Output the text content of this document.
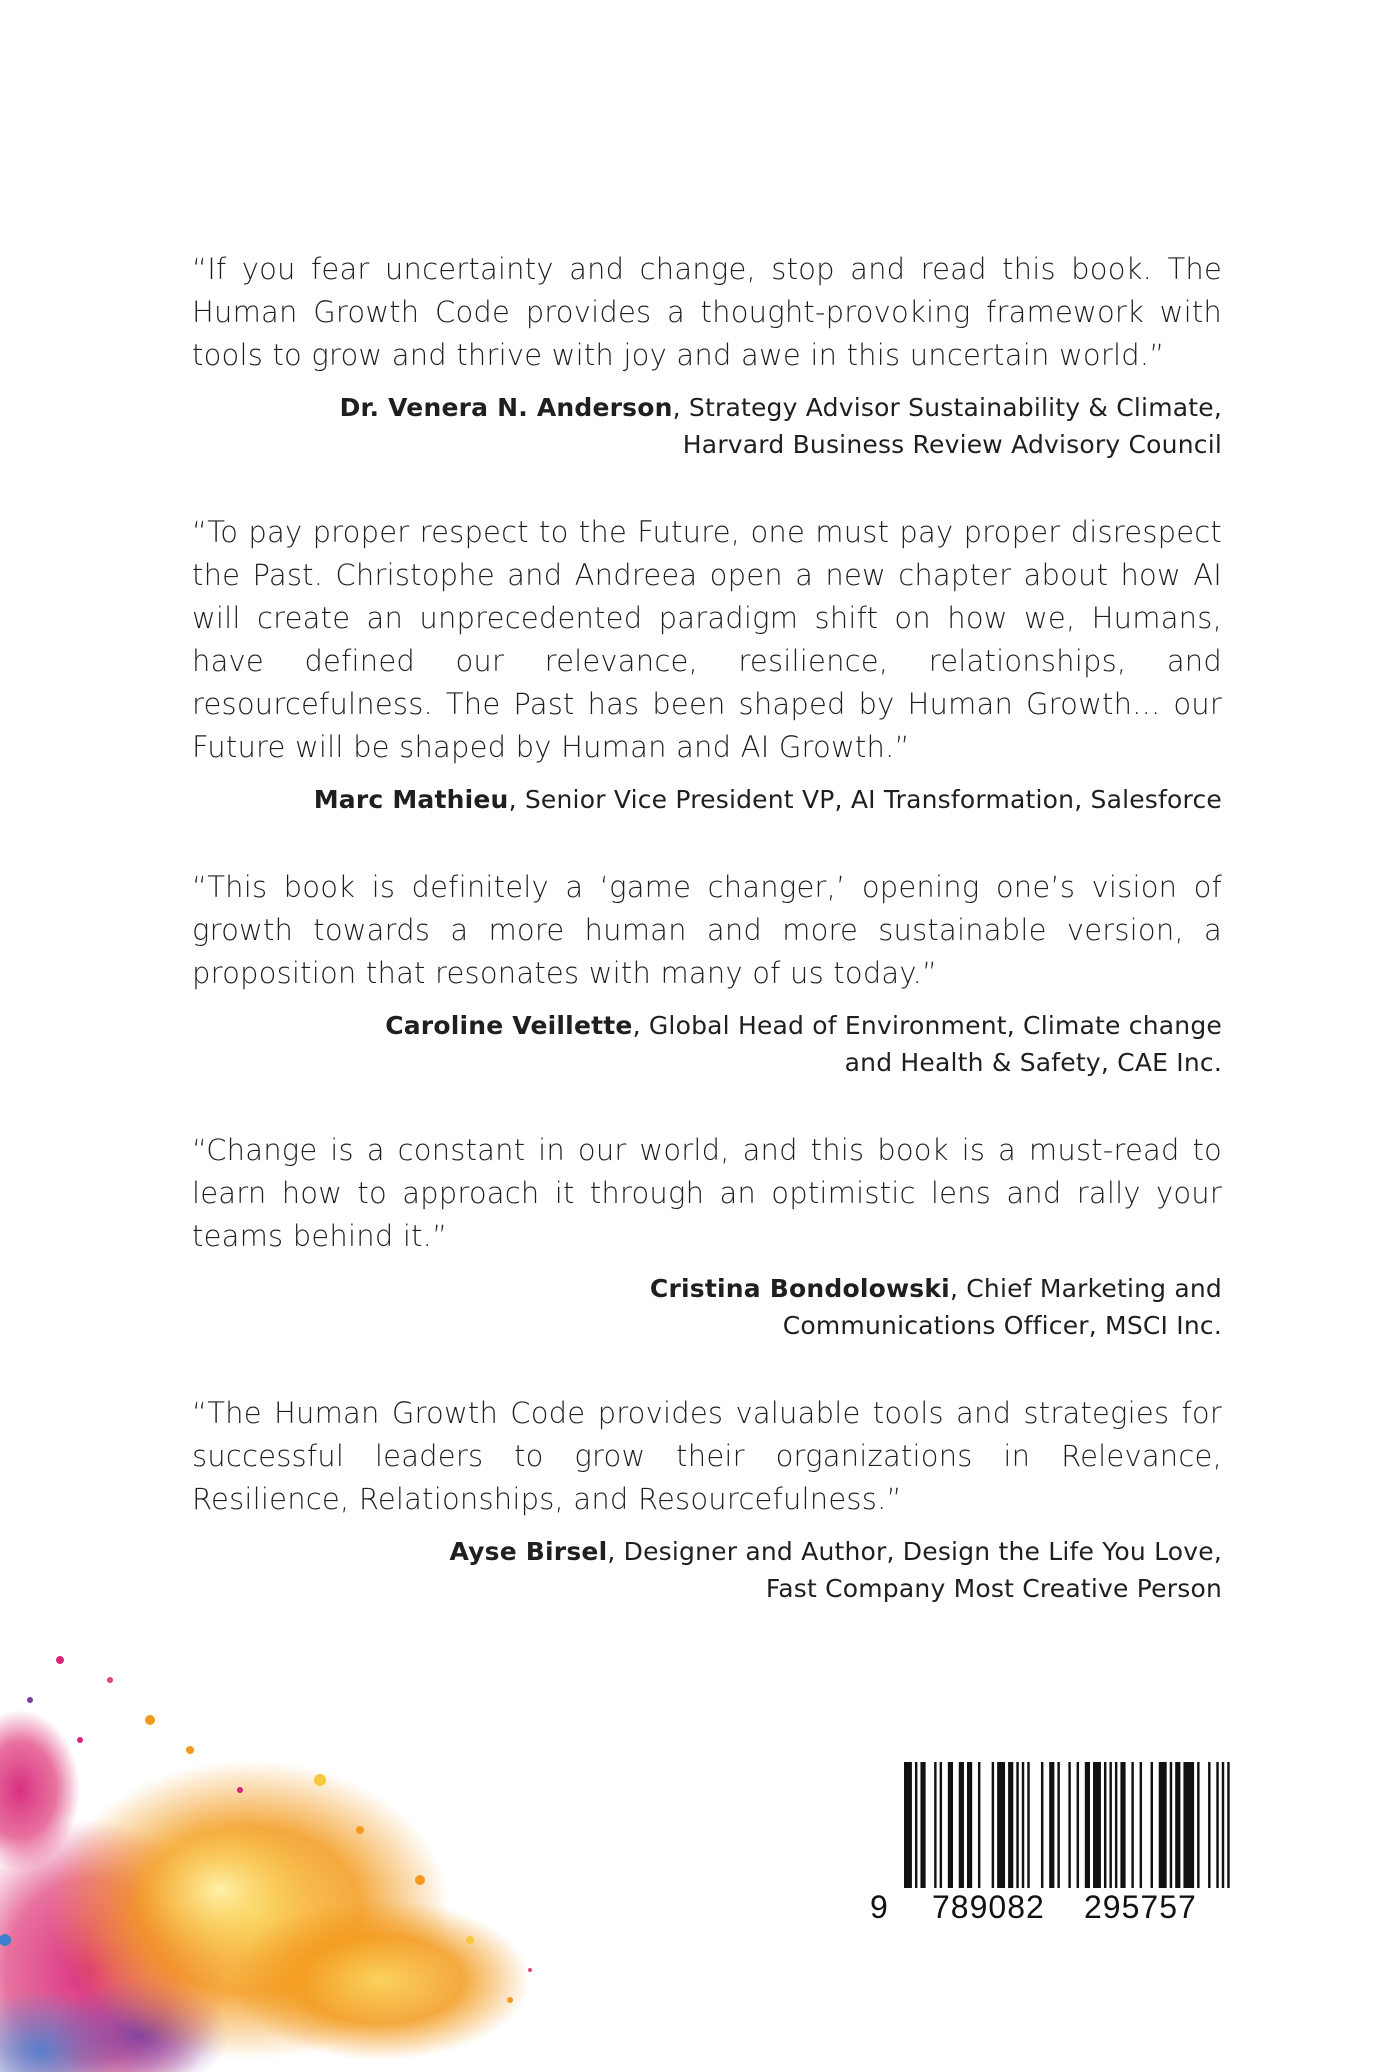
“If you fear uncertainty and change, stop and read this book. The Human Growth Code provides a thought-provoking framework with tools to grow and thrive with joy and awe in this uncertain world.”

Dr. Venera N. Anderson, Strategy Advisor Sustainability & Climate,
Harvard Business Review Advisory Council

“To pay proper respect to the Future, one must pay proper disrespect the Past. Christophe and Andreea open a new chapter about how AI will create an unprecedented paradigm shift on how we, Humans, have defined our relevance, resilience, relationships, and resourcefulness. The Past has been shaped by Human Growth... our Future will be shaped by Human and AI Growth.”

Marc Mathieu, Senior Vice President VP, AI Transformation, Salesforce

“This book is definitely a ‘game changer,’ opening one’s vision of growth towards a more human and more sustainable version, a proposition that resonates with many of us today.”

Caroline Veillette, Global Head of Environment, Climate change
and Health & Safety, CAE Inc.

“Change is a constant in our world, and this book is a must-read to learn how to approach it through an optimistic lens and rally your teams behind it.”

Cristina Bondolowski, Chief Marketing and
Communications Officer, MSCI Inc.

“The Human Growth Code provides valuable tools and strategies for successful leaders to grow their organizations in Relevance, Resilience, Relationships, and Resourcefulness.”

Ayse Birsel, Designer and Author, Design the Life You Love,
Fast Company Most Creative Person
9 789082 295757
